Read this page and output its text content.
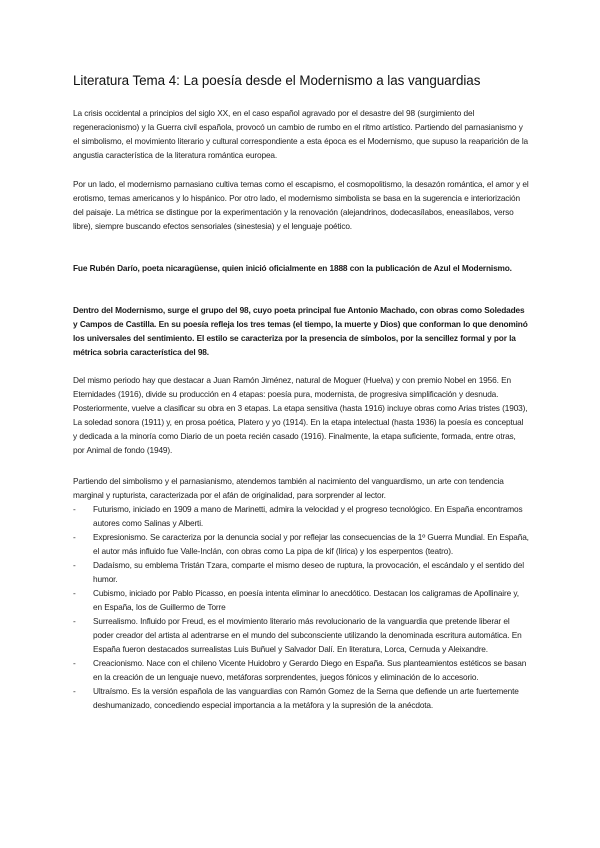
Literatura Tema 4: La poesía desde el Modernismo a las vanguardias

La crisis occidental a principios del siglo XX, en el caso español agravado por el desastre del 98 (surgimiento del regeneracionismo) y la Guerra civil española, provocó un cambio de rumbo en el ritmo artístico. Partiendo del parnasianismo y el simbolismo, el movimiento literario y cultural correspondiente a esta época es el Modernismo, que supuso la reaparición de la angustia característica de la literatura romántica europea.

Por un lado, el modernismo parnasiano cultiva temas como el escapismo, el cosmopolitismo, la desazón romántica, el amor y el erotismo, temas americanos y lo hispánico. Por otro lado, el modernismo simbolista se basa en la sugerencia e interiorización del paisaje. La métrica se distingue por la experimentación y la renovación (alejandrinos, dodecasílabos, eneasílabos, verso libre), siempre buscando efectos sensoriales (sinestesia) y el lenguaje poético.

Fue Rubén Darío, poeta nicaragüense, quien inició oficialmente en 1888 con la publicación de Azul el Modernismo.

Dentro del Modernismo, surge el grupo del 98, cuyo poeta principal fue Antonio Machado, con obras como Soledades y Campos de Castilla. En su poesía refleja los tres temas (el tiempo, la muerte y Dios) que conforman lo que denominó los universales del sentimiento. El estilo se caracteriza por la presencia de símbolos, por la sencillez formal y por la métrica sobria característica del 98.

Del mismo periodo hay que destacar a Juan Ramón Jiménez, natural de Moguer (Huelva) y con premio Nobel en 1956. En Eternidades (1916), divide su producción en 4 etapas: poesía pura, modernista, de progresiva simplificación y desnuda. Posteriormente, vuelve a clasificar su obra en 3 etapas. La etapa sensitiva (hasta 1916) incluye obras como Arias tristes (1903), La soledad sonora (1911) y, en prosa poética, Platero y yo (1914). En la etapa intelectual (hasta 1936) la poesía es conceptual y dedicada a la minoría como Diario de un poeta recién casado (1916). Finalmente, la etapa suficiente, formada, entre otras, por Animal de fondo (1949).

Partiendo del simbolismo y el parnasianismo, atendemos también al nacimiento del vanguardismo, un arte con tendencia marginal y rupturista, caracterizada por el afán de originalidad, para sorprender al lector.

-	Futurismo, iniciado en 1909 a mano de Marinetti, admira la velocidad y el progreso tecnológico. En España encontramos autores como Salinas y Alberti.
-	Expresionismo. Se caracteriza por la denuncia social y por reflejar las consecuencias de la 1º Guerra Mundial. En España, el autor más influido fue Valle-Inclán, con obras como La pipa de kif (lírica) y los esperpentos (teatro).
-	Dadaísmo, su emblema Tristán Tzara, comparte el mismo deseo de ruptura, la provocación, el escándalo y el sentido del humor.
-	Cubismo, iniciado por Pablo Picasso, en poesía intenta eliminar lo anecdótico. Destacan los caligramas de Apollinaire y, en España, los de Guillermo de Torre
-	Surrealismo. Influido por Freud, es el movimiento literario más revolucionario de la vanguardia que pretende liberar el poder creador del artista al adentrarse en el mundo del subconsciente utilizando la denominada escritura automática. En España fueron destacados surrealistas Luis Buñuel y Salvador Dalí. En literatura, Lorca, Cernuda y Aleixandre.
-	Creacionismo. Nace con el chileno Vicente Huidobro y Gerardo Diego en España. Sus planteamientos estéticos se basan en la creación de un lenguaje nuevo, metáforas sorprendentes, juegos fónicos y eliminación de lo accesorio.
-	Ultraísmo. Es la versión española de las vanguardias con Ramón Gomez de la Serna que defiende un arte fuertemente deshumanizado, concediendo especial importancia a la metáfora y la supresión de la anécdota.
